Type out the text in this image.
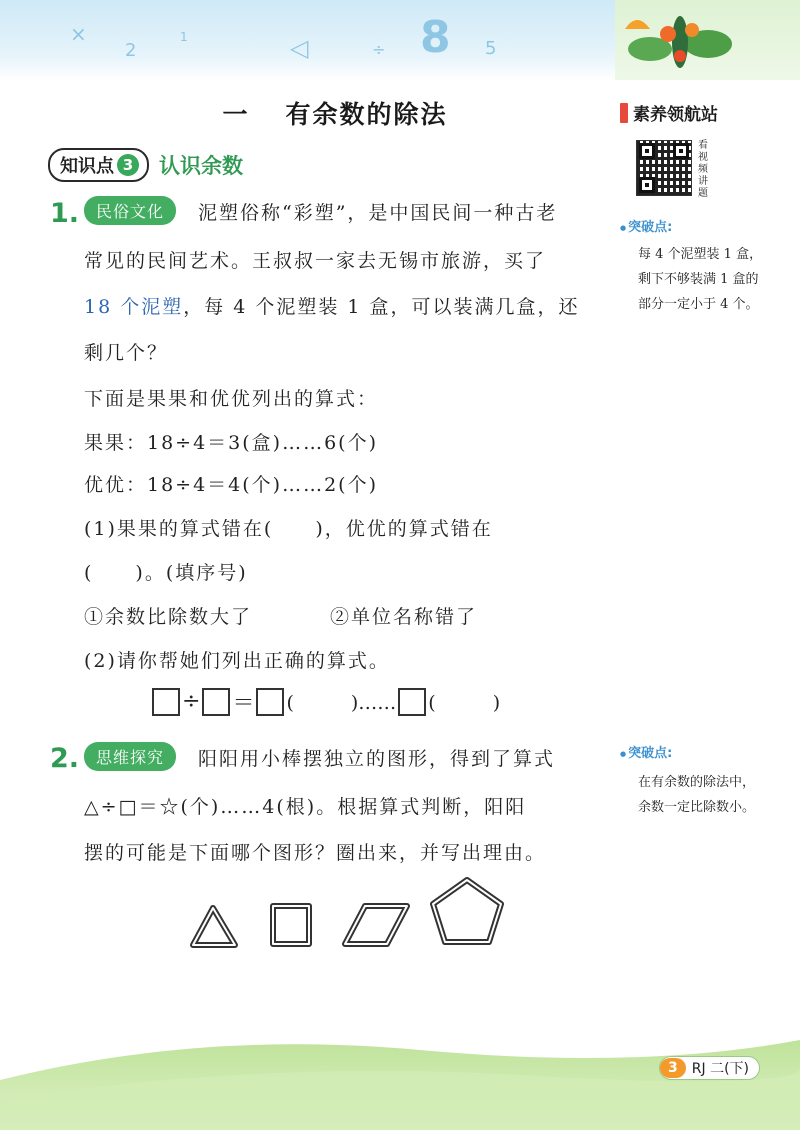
×
2
1	◁	÷ 8 5
一 有余数的除法	素养领航站
知识点 3 认识余数
看视频讲题
● 突破点:
每 4 个泥塑装 1 盒，剩下不够装满 1 盒的部分一定小于 4 个。
● 突破点:
在有余数的除法中，余数一定比除数小。
1.	民俗文化	泥塑俗称“彩塑”，是中国民间一种古老
常见的民间艺术。王叔叔一家去无锡市旅游，买了
18 个泥塑，每 4 个泥塑装 1 盒，可以装满几盒，还
剩几个？
下面是果果和优优列出的算式：
果果：18÷4＝3(盒)……6(个)
优优：18÷4＝4(个)……2(个)
(1)果果的算式错在(　　)，优优的算式错在
(　　)。(填序号)
①余数比除数大了	②单位名称错了
(2)请你帮她们列出正确的算式。
÷ ＝ (　　　)…… (　　　)
2.	思维探究	阳阳用小棒摆独立的图形，得到了算式
△÷□＝☆(个)……4(根)。根据算式判断，阳阳
摆的可能是下面哪个图形？圈出来，并写出理由。
3	RJ 二(下)
